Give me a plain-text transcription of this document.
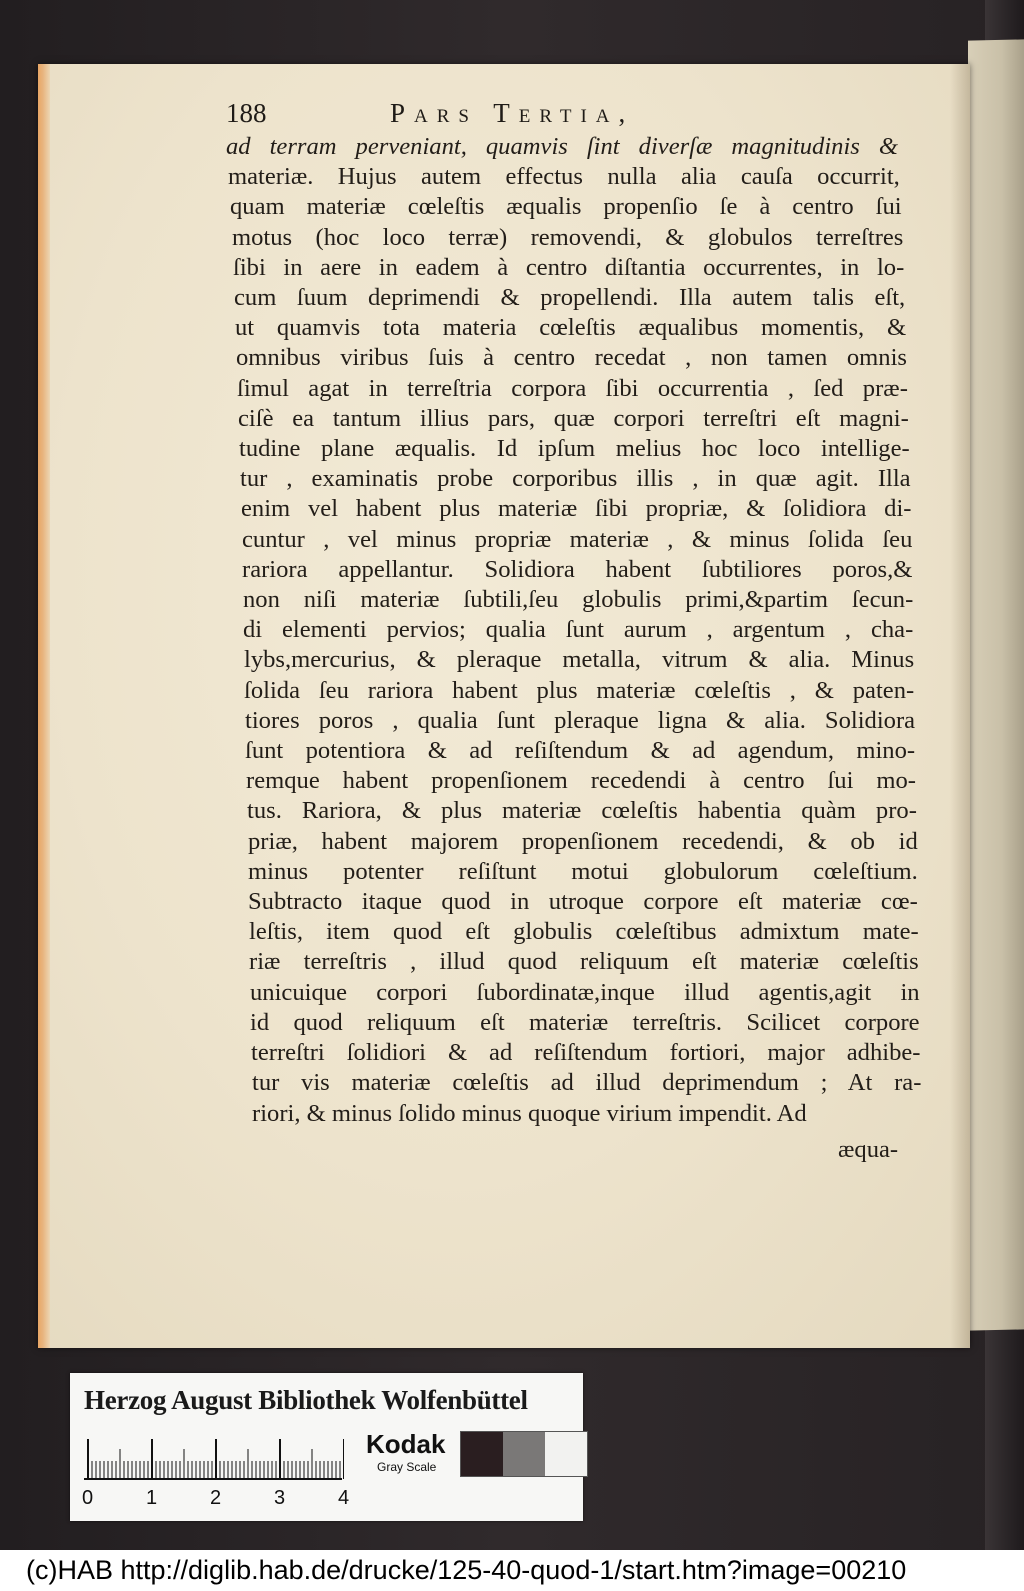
188	Pars Tertia,
ad terram perveniant, quamvis ſint diverſæ magnitudinis &
materiæ. Hujus autem effectus nulla alia cauſa occurrit,
quam materiæ cœleſtis æqualis propenſio ſe à centro ſui
motus (hoc loco terræ) removendi, & globulos terreſtres
ſibi in aere in eadem à centro diſtantia occurrentes, in lo-
cum ſuum deprimendi & propellendi. Illa autem talis eſt,
ut quamvis tota materia cœleſtis æqualibus momentis, &
omnibus viribus ſuis à centro recedat , non tamen omnis
ſimul agat in terreſtria corpora ſibi occurrentia , ſed præ-
ciſè ea tantum illius pars, quæ corpori terreſtri eſt magni-
tudine plane æqualis. Id ipſum melius hoc loco intellige-
tur , examinatis probe corporibus illis , in quæ agit. Illa
enim vel habent plus materiæ ſibi propriæ, & ſolidiora di-
cuntur , vel minus propriæ materiæ , & minus ſolida ſeu
rariora appellantur. Solidiora habent ſubtiliores poros,&
non niſi materiæ ſubtili,ſeu globulis primi,&partim ſecun-
di elementi pervios; qualia ſunt aurum , argentum , cha-
lybs,mercurius, & pleraque metalla, vitrum & alia. Minus
ſolida ſeu rariora habent plus materiæ cœleſtis , & paten-
tiores poros , qualia ſunt pleraque ligna & alia. Solidiora
ſunt potentiora & ad reſiſtendum & ad agendum, mino-
remque habent propenſionem recedendi à centro ſui mo-
tus. Rariora, & plus materiæ cœleſtis habentia quàm pro-
priæ, habent majorem propenſionem recedendi, & ob id
minus potenter reſiſtunt motui globulorum cœleſtium.
Subtracto itaque quod in utroque corpore eſt materiæ cœ-
leſtis, item quod eſt globulis cœleſtibus admixtum mate-
riæ terreſtris , illud quod reliquum eſt materiæ cœleſtis
unicuique corpori ſubordinatæ,inque illud agentis,agit in
id quod reliquum eſt materiæ terreſtris. Scilicet corpore
terreſtri ſolidiori & ad reſiſtendum fortiori, major adhibe-
tur vis materiæ cœleſtis ad illud deprimendum ; At ra-
riori, & minus ſolido minus quoque virium impendit. Ad
æqua-
Herzog August Bibliothek Wolfenbüttel
0	1	2	3	4
Kodak
Gray Scale
(c)HAB http://diglib.hab.de/drucke/125-40-quod-1/start.htm?image=00210
